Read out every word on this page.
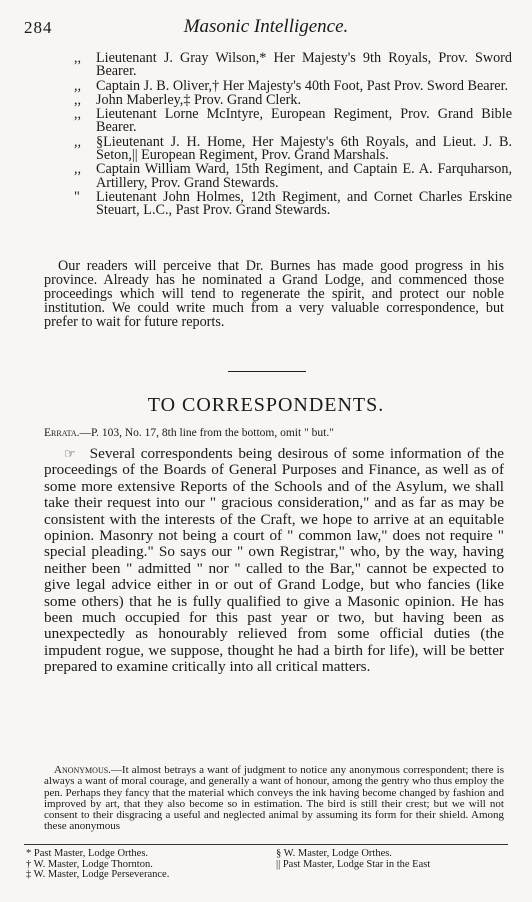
284	Masonic Intelligence.

,, Lieutenant J. Gray Wilson,* Her Majesty's 9th Royals, Prov. Sword Bearer.

,, Captain J. B. Oliver,† Her Majesty's 40th Foot, Past Prov. Sword Bearer.

,, John Maberley,‡ Prov. Grand Clerk.

,, Lieutenant Lorne McIntyre, European Regiment, Prov. Grand Bible Bearer.

,, §Lieutenant J. H. Home, Her Majesty's 6th Royals, and Lieut. J. B. Seton,|| European Regiment, Prov. Grand Marshals.

,, Captain William Ward, 15th Regiment, and Captain E. A. Farquharson, Artillery, Prov. Grand Stewards.

" Lieutenant John Holmes, 12th Regiment, and Cornet Charles Erskine Steuart, L.C., Past Prov. Grand Stewards.

Our readers will perceive that Dr. Burnes has made good progress in his province. Already has he nominated a Grand Lodge, and commenced those proceedings which will tend to regenerate the spirit, and protect our noble institution. We could write much from a very valuable correspondence, but prefer to wait for future reports.

TO CORRESPONDENTS.
Errata.—P. 103, No. 17, 8th line from the bottom, omit " but."

☞ Several correspondents being desirous of some information of the proceedings of the Boards of General Purposes and Finance, as well as of some more extensive Reports of the Schools and of the Asylum, we shall take their request into our " gracious consideration," and as far as may be consistent with the interests of the Craft, we hope to arrive at an equitable opinion. Masonry not being a court of " common law," does not require " special pleading." So says our " own Registrar," who, by the way, having neither been " admitted " nor " called to the Bar," cannot be expected to give legal advice either in or out of Grand Lodge, but who fancies (like some others) that he is fully qualified to give a Masonic opinion. He has been much occupied for this past year or two, but having been as unexpectedly as honourably relieved from some official duties (the impudent rogue, we suppose, thought he had a birth for life), will be better prepared to examine critically into all critical matters.

Anonymous.—It almost betrays a want of judgment to notice any anonymous correspondent; there is always a want of moral courage, and generally a want of honour, among the gentry who thus employ the pen. Perhaps they fancy that the material which conveys the ink having become changed by fashion and improved by art, that they also become so in estimation. The bird is still their crest; but we will not consent to their disgracing a useful and neglected animal by assuming its form for their shield. Among these anonymous

* Past Master, Lodge Orthes.
† W. Master, Lodge Thornton.
‡ W. Master, Lodge Perseverance.
§ W. Master, Lodge Orthes.
|| Past Master, Lodge Star in the East
